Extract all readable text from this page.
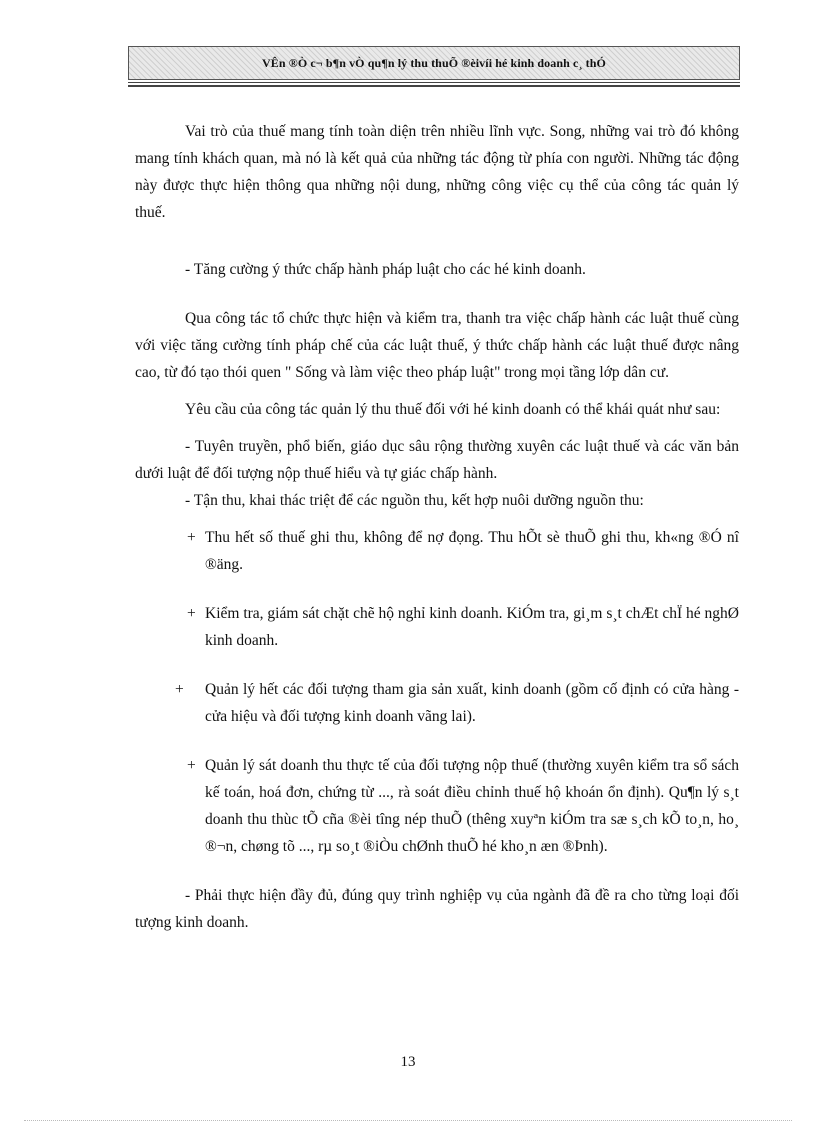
VÊn ®Ò c¬ b¶n vÒ qu¶n lý thu thuÕ ®èivíi hé kinh doanh c¸ thÓ

Vai trò của thuế mang tính toàn diện trên nhiều lĩnh vực. Song, những vai trò đó không mang tính khách quan, mà nó là kết quả của những tác động từ phía con người. Những tác động này được thực hiện thông qua những nội dung, những công việc cụ thể của công tác quản lý thuế.

- Tăng cường ý thức chấp hành pháp luật cho các hé kinh doanh.

Qua công tác tổ chức thực hiện và kiểm tra, thanh tra việc chấp hành các luật thuế cùng với việc tăng cường tính pháp chế của các luật thuế, ý thức chấp hành các luật thuế được nâng cao, từ đó tạo thói quen " Sống và làm việc theo pháp luật" trong mọi tầng lớp dân cư.

Yêu cầu của công tác quản lý thu thuế đối với hé kinh doanh có thể khái quát như sau:

- Tuyên truyền, phổ biến, giáo dục sâu rộng thường xuyên các luật thuế và các văn bản dưới luật để đối tượng nộp thuế hiểu và tự giác chấp hành.

- Tận thu, khai thác triệt để các nguồn thu, kết hợp nuôi dưỡng nguồn thu:

+ Thu hết số thuế ghi thu, không để nợ đọng. Thu hÕt sè thuÕ ghi thu, kh«ng ®Ó nî ®äng.
+ Kiểm tra, giám sát chặt chẽ hộ nghỉ kinh doanh. KiÓm tra, gi¸m s¸t chÆt chÏ hé nghØ kinh doanh.
+	Quản lý hết các đối tượng tham gia sản xuất, kinh doanh (gồm cố định có cửa hàng - cửa hiệu và đối tượng kinh doanh vãng lai).
+ Quản lý sát doanh thu thực tế của đối tượng nộp thuế (thường xuyên kiểm tra sổ sách kế toán, hoá đơn, chứng từ ..., rà soát điều chỉnh thuế hộ khoán ổn định). Qu¶n lý s¸t doanh thu thùc tÕ cña ®èi tîng nép thuÕ (thêng xuyªn kiÓm tra sæ s¸ch kÕ to¸n, ho¸ ®¬n, chøng tõ ..., rµ so¸t ®iÒu chØnh thuÕ hé kho¸n æn ®Þnh).

- Phải thực hiện đầy đủ, đúng quy trình nghiệp vụ của ngành đã đề ra cho từng loại đối tượng kinh doanh.

13
